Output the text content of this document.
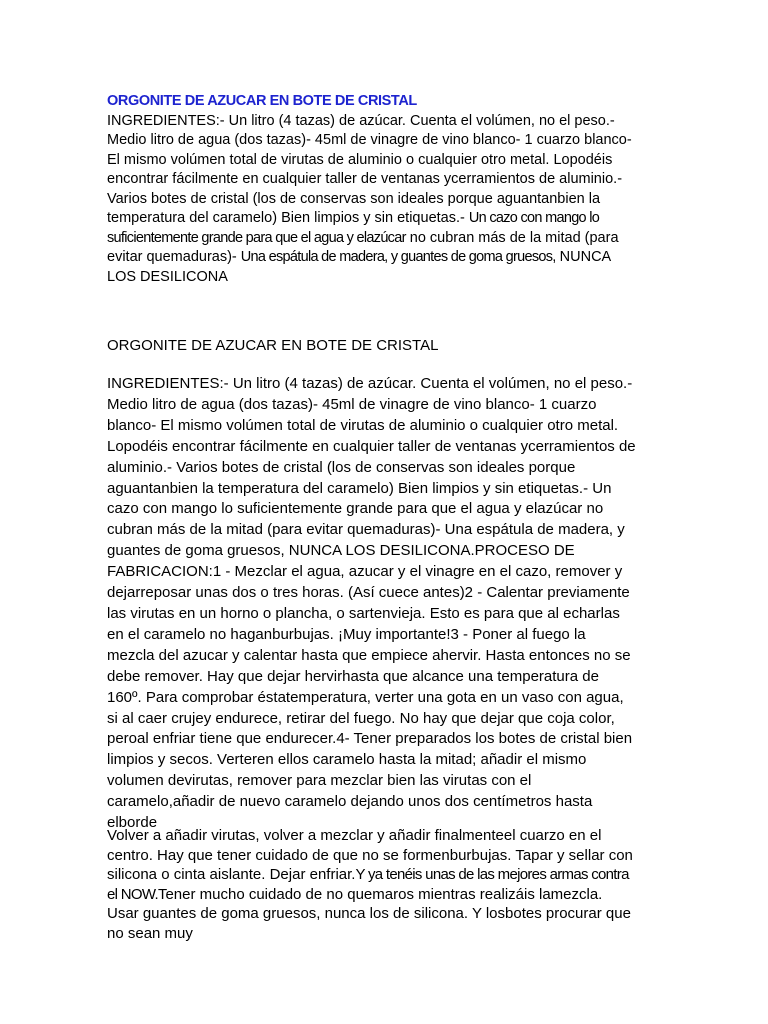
ORGONITE DE AZUCAR EN BOTE DE CRISTAL

INGREDIENTES:- Un litro (4 tazas) de azúcar. Cuenta el volúmen, no el peso.- Medio litro de agua (dos tazas)- 45ml de vinagre de vino blanco- 1 cuarzo blanco- El mismo volúmen total de virutas de aluminio o cualquier otro metal. Lopodéis encontrar fácilmente en cualquier taller de ventanas ycerramientos de aluminio.- Varios botes de cristal (los de conservas son ideales porque aguantanbien la temperatura del caramelo) Bien limpios y sin etiquetas.- Un cazo con mango lo suficientemente grande para que el agua y elazúcar no cubran más de la mitad (para evitar quemaduras)- Una espátula de madera, y guantes de goma gruesos, NUNCA LOS DESILICONA

ORGONITE DE AZUCAR EN BOTE DE CRISTAL

INGREDIENTES:- Un litro (4 tazas) de azúcar. Cuenta el volúmen, no el peso.- Medio litro de agua (dos tazas)- 45ml de vinagre de vino blanco- 1 cuarzo blanco- El mismo volúmen total de virutas de aluminio o cualquier otro metal. Lopodéis encontrar fácilmente en cualquier taller de ventanas ycerramientos de aluminio.- Varios botes de cristal (los de conservas son ideales porque aguantanbien la temperatura del caramelo) Bien limpios y sin etiquetas.- Un cazo con mango lo suficientemente grande para que el agua y elazúcar no cubran más de la mitad (para evitar quemaduras)- Una espátula de madera, y guantes de goma gruesos, NUNCA LOS DESILICONA.PROCESO DE FABRICACION:1 - Mezclar el agua, azucar y el vinagre en el cazo, remover y dejarreposar unas dos o tres horas. (Así cuece antes)2 - Calentar previamente las virutas en un horno o plancha, o sartenvieja. Esto es para que al echarlas en el caramelo no haganburbujas. ¡Muy importante!3 - Poner al fuego la mezcla del azucar y calentar hasta que empiece ahervir. Hasta entonces no se debe remover. Hay que dejar hervirhasta que alcance una temperatura de 160º. Para comprobar éstatemperatura, verter una gota en un vaso con agua, si al caer crujey endurece, retirar del fuego. No hay que dejar que coja color, peroal enfriar tiene que endurecer.4- Tener preparados los botes de cristal bien limpios y secos. Verteren ellos caramelo hasta la mitad; añadir el mismo volumen devirutas, remover para mezclar bien las virutas con el caramelo,añadir de nuevo caramelo dejando unos dos centímetros hasta elborde

Volver a añadir virutas, volver a mezclar y añadir finalmenteel cuarzo en el centro. Hay que tener cuidado de que no se formenburbujas. Tapar y sellar con silicona o cinta aislante. Dejar enfriar.Y ya tenéis unas de las mejores armas contra el NOW.Tener mucho cuidado de no quemaros mientras realizáis lamezcla. Usar guantes de goma gruesos, nunca los de silicona. Y losbotes procurar que no sean muy
